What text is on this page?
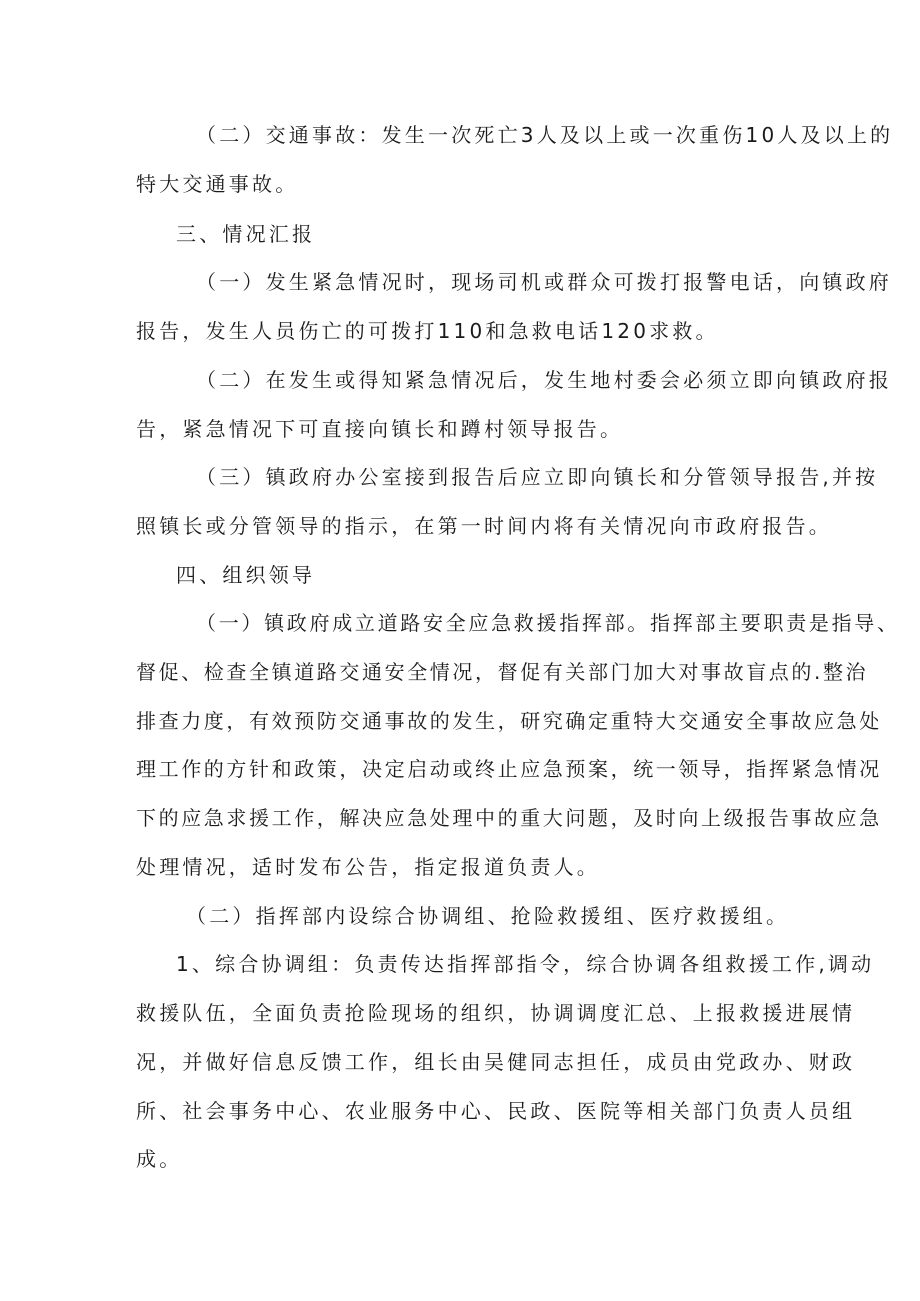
（二）交通事故：发生一次死亡3人及以上或一次重伤10人及以上的
特大交通事故。
三、情况汇报
（一）发生紧急情况时，现场司机或群众可拨打报警电话，向镇政府
报告，发生人员伤亡的可拨打110和急救电话120求救。
（二）在发生或得知紧急情况后，发生地村委会必须立即向镇政府报
告，紧急情况下可直接向镇长和蹲村领导报告。
（三）镇政府办公室接到报告后应立即向镇长和分管领导报告,并按
照镇长或分管领导的指示，在第一时间内将有关情况向市政府报告。
四、组织领导
（一）镇政府成立道路安全应急救援指挥部。指挥部主要职责是指导、
督促、检查全镇道路交通安全情况，督促有关部门加大对事故盲点的.整治
排查力度，有效预防交通事故的发生，研究确定重特大交通安全事故应急处
理工作的方针和政策，决定启动或终止应急预案，统一领导，指挥紧急情况
下的应急求援工作，解决应急处理中的重大问题，及时向上级报告事故应急
处理情况，适时发布公告，指定报道负责人。
（二）指挥部内设综合协调组、抢险救援组、医疗救援组。
1、综合协调组：负责传达指挥部指令，综合协调各组救援工作,调动
救援队伍，全面负责抢险现场的组织，协调调度汇总、上报救援进展情
况，并做好信息反馈工作，组长由吴健同志担任，成员由党政办、财政
所、社会事务中心、农业服务中心、民政、医院等相关部门负责人员组
成。
